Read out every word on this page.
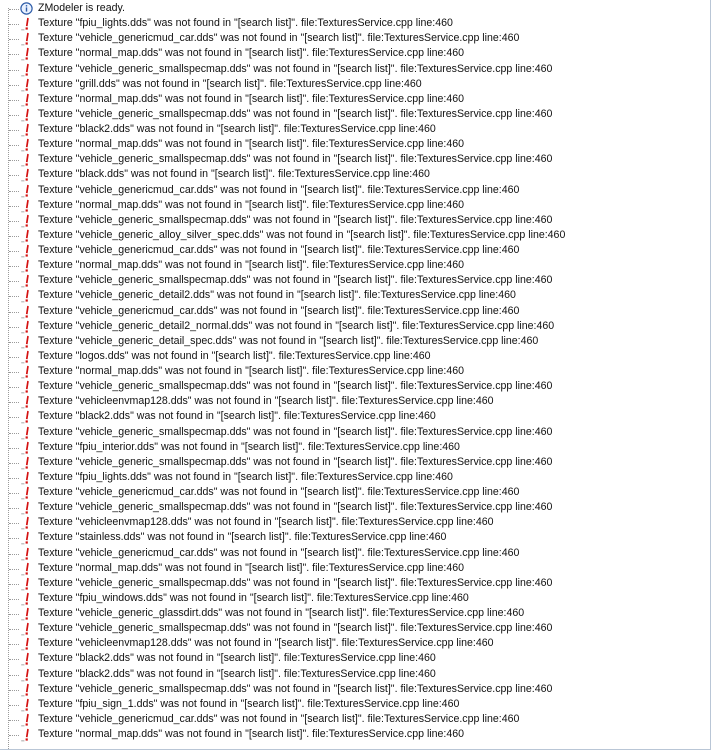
ZModeler is ready.
Texture "fpiu_lights.dds" was not found in "[search list]". file:TexturesService.cpp line:460
Texture "vehicle_genericmud_car.dds" was not found in "[search list]". file:TexturesService.cpp line:460
Texture "normal_map.dds" was not found in "[search list]". file:TexturesService.cpp line:460
Texture "vehicle_generic_smallspecmap.dds" was not found in "[search list]". file:TexturesService.cpp line:460
Texture "grill.dds" was not found in "[search list]". file:TexturesService.cpp line:460
Texture "normal_map.dds" was not found in "[search list]". file:TexturesService.cpp line:460
Texture "vehicle_generic_smallspecmap.dds" was not found in "[search list]". file:TexturesService.cpp line:460
Texture "black2.dds" was not found in "[search list]". file:TexturesService.cpp line:460
Texture "normal_map.dds" was not found in "[search list]". file:TexturesService.cpp line:460
Texture "vehicle_generic_smallspecmap.dds" was not found in "[search list]". file:TexturesService.cpp line:460
Texture "black.dds" was not found in "[search list]". file:TexturesService.cpp line:460
Texture "vehicle_genericmud_car.dds" was not found in "[search list]". file:TexturesService.cpp line:460
Texture "normal_map.dds" was not found in "[search list]". file:TexturesService.cpp line:460
Texture "vehicle_generic_smallspecmap.dds" was not found in "[search list]". file:TexturesService.cpp line:460
Texture "vehicle_generic_alloy_silver_spec.dds" was not found in "[search list]". file:TexturesService.cpp line:460
Texture "vehicle_genericmud_car.dds" was not found in "[search list]". file:TexturesService.cpp line:460
Texture "normal_map.dds" was not found in "[search list]". file:TexturesService.cpp line:460
Texture "vehicle_generic_smallspecmap.dds" was not found in "[search list]". file:TexturesService.cpp line:460
Texture "vehicle_generic_detail2.dds" was not found in "[search list]". file:TexturesService.cpp line:460
Texture "vehicle_genericmud_car.dds" was not found in "[search list]". file:TexturesService.cpp line:460
Texture "vehicle_generic_detail2_normal.dds" was not found in "[search list]". file:TexturesService.cpp line:460
Texture "vehicle_generic_detail_spec.dds" was not found in "[search list]". file:TexturesService.cpp line:460
Texture "logos.dds" was not found in "[search list]". file:TexturesService.cpp line:460
Texture "normal_map.dds" was not found in "[search list]". file:TexturesService.cpp line:460
Texture "vehicle_generic_smallspecmap.dds" was not found in "[search list]". file:TexturesService.cpp line:460
Texture "vehicleenvmap128.dds" was not found in "[search list]". file:TexturesService.cpp line:460
Texture "black2.dds" was not found in "[search list]". file:TexturesService.cpp line:460
Texture "vehicle_generic_smallspecmap.dds" was not found in "[search list]". file:TexturesService.cpp line:460
Texture "fpiu_interior.dds" was not found in "[search list]". file:TexturesService.cpp line:460
Texture "vehicle_generic_smallspecmap.dds" was not found in "[search list]". file:TexturesService.cpp line:460
Texture "fpiu_lights.dds" was not found in "[search list]". file:TexturesService.cpp line:460
Texture "vehicle_genericmud_car.dds" was not found in "[search list]". file:TexturesService.cpp line:460
Texture "vehicle_generic_smallspecmap.dds" was not found in "[search list]". file:TexturesService.cpp line:460
Texture "vehicleenvmap128.dds" was not found in "[search list]". file:TexturesService.cpp line:460
Texture "stainless.dds" was not found in "[search list]". file:TexturesService.cpp line:460
Texture "vehicle_genericmud_car.dds" was not found in "[search list]". file:TexturesService.cpp line:460
Texture "normal_map.dds" was not found in "[search list]". file:TexturesService.cpp line:460
Texture "vehicle_generic_smallspecmap.dds" was not found in "[search list]". file:TexturesService.cpp line:460
Texture "fpiu_windows.dds" was not found in "[search list]". file:TexturesService.cpp line:460
Texture "vehicle_generic_glassdirt.dds" was not found in "[search list]". file:TexturesService.cpp line:460
Texture "vehicle_generic_smallspecmap.dds" was not found in "[search list]". file:TexturesService.cpp line:460
Texture "vehicleenvmap128.dds" was not found in "[search list]". file:TexturesService.cpp line:460
Texture "black2.dds" was not found in "[search list]". file:TexturesService.cpp line:460
Texture "black2.dds" was not found in "[search list]". file:TexturesService.cpp line:460
Texture "vehicle_generic_smallspecmap.dds" was not found in "[search list]". file:TexturesService.cpp line:460
Texture "fpiu_sign_1.dds" was not found in "[search list]". file:TexturesService.cpp line:460
Texture "vehicle_genericmud_car.dds" was not found in "[search list]". file:TexturesService.cpp line:460
Texture "normal_map.dds" was not found in "[search list]". file:TexturesService.cpp line:460
